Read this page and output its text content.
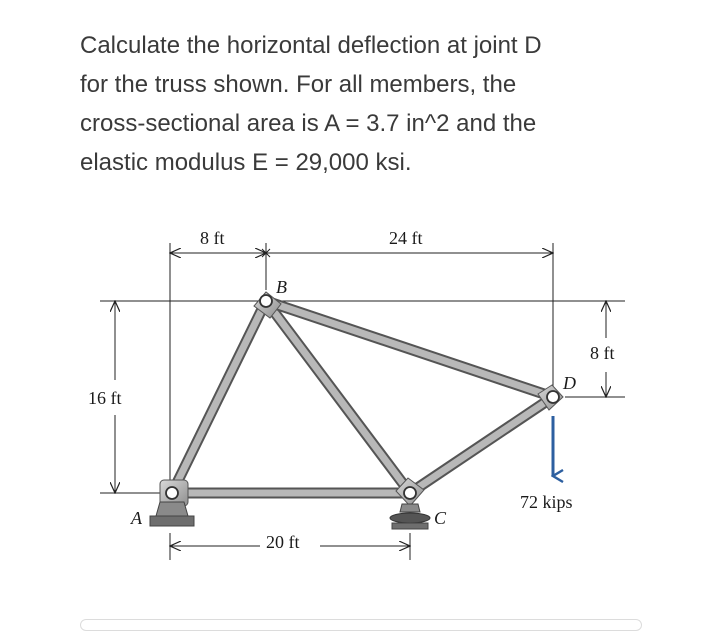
Calculate the horizontal deflection at joint D
for the truss shown. For all members, the
cross-sectional area is A = 3.7 in^2 and the
elastic modulus E = 29,000 ksi.
8 ft	24 ft
16 ft
8 ft
20 ft
A
B
C
D
72 kips
